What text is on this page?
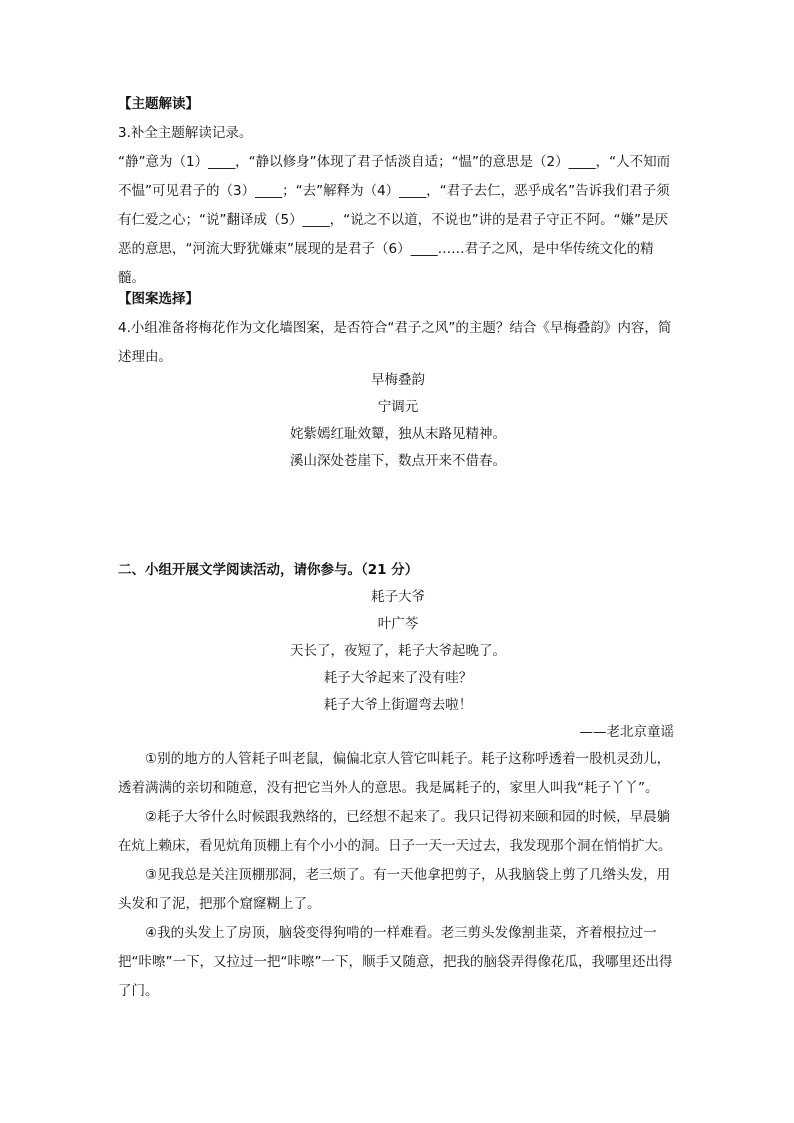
【主题解读】
3.补全主题解读记录。
“静”意为（1）____，“静以修身”体现了君子恬淡自适；“愠”的意思是（2）____，“人不知而不愠”可见君子的（3）____；“去”解释为（4）____，“君子去仁，恶乎成名”告诉我们君子须有仁爱之心；“说”翻译成（5）____，“说之不以道，不说也”讲的是君子守正不阿。“嫌”是厌恶的意思，“河流大野犹嫌束”展现的是君子（6）____……君子之风，是中华传统文化的精髓。
【图案选择】
4.小组准备将梅花作为文化墙图案，是否符合“君子之风”的主题？结合《早梅叠韵》内容，简述理由。
早梅叠韵
宁调元
姹紫嫣红耻效颦，独从末路见精神。
溪山深处苍崖下，数点开来不借春。
二、小组开展文学阅读活动，请你参与。（21 分）
耗子大爷
叶广芩
天长了，夜短了，耗子大爷起晚了。
耗子大爷起来了没有哇？
耗子大爷上街遛弯去啦！
——老北京童谣

①别的地方的人管耗子叫老鼠，偏偏北京人管它叫耗子。耗子这称呼透着一股机灵劲儿，透着满满的亲切和随意，没有把它当外人的意思。我是属耗子的，家里人叫我“耗子丫丫”。

②耗子大爷什么时候跟我熟络的，已经想不起来了。我只记得初来颐和园的时候，早晨躺在炕上赖床，看见炕角顶棚上有个小小的洞。日子一天一天过去，我发现那个洞在悄悄扩大。

③见我总是关注顶棚那洞，老三烦了。有一天他拿把剪子，从我脑袋上剪了几绺头发，用头发和了泥，把那个窟窿糊上了。

④我的头发上了房顶，脑袋变得狗啃的一样难看。老三剪头发像割韭菜，齐着根拉过一把“咔嚓”一下，又拉过一把“咔嚓”一下，顺手又随意，把我的脑袋弄得像花瓜，我哪里还出得了门。
